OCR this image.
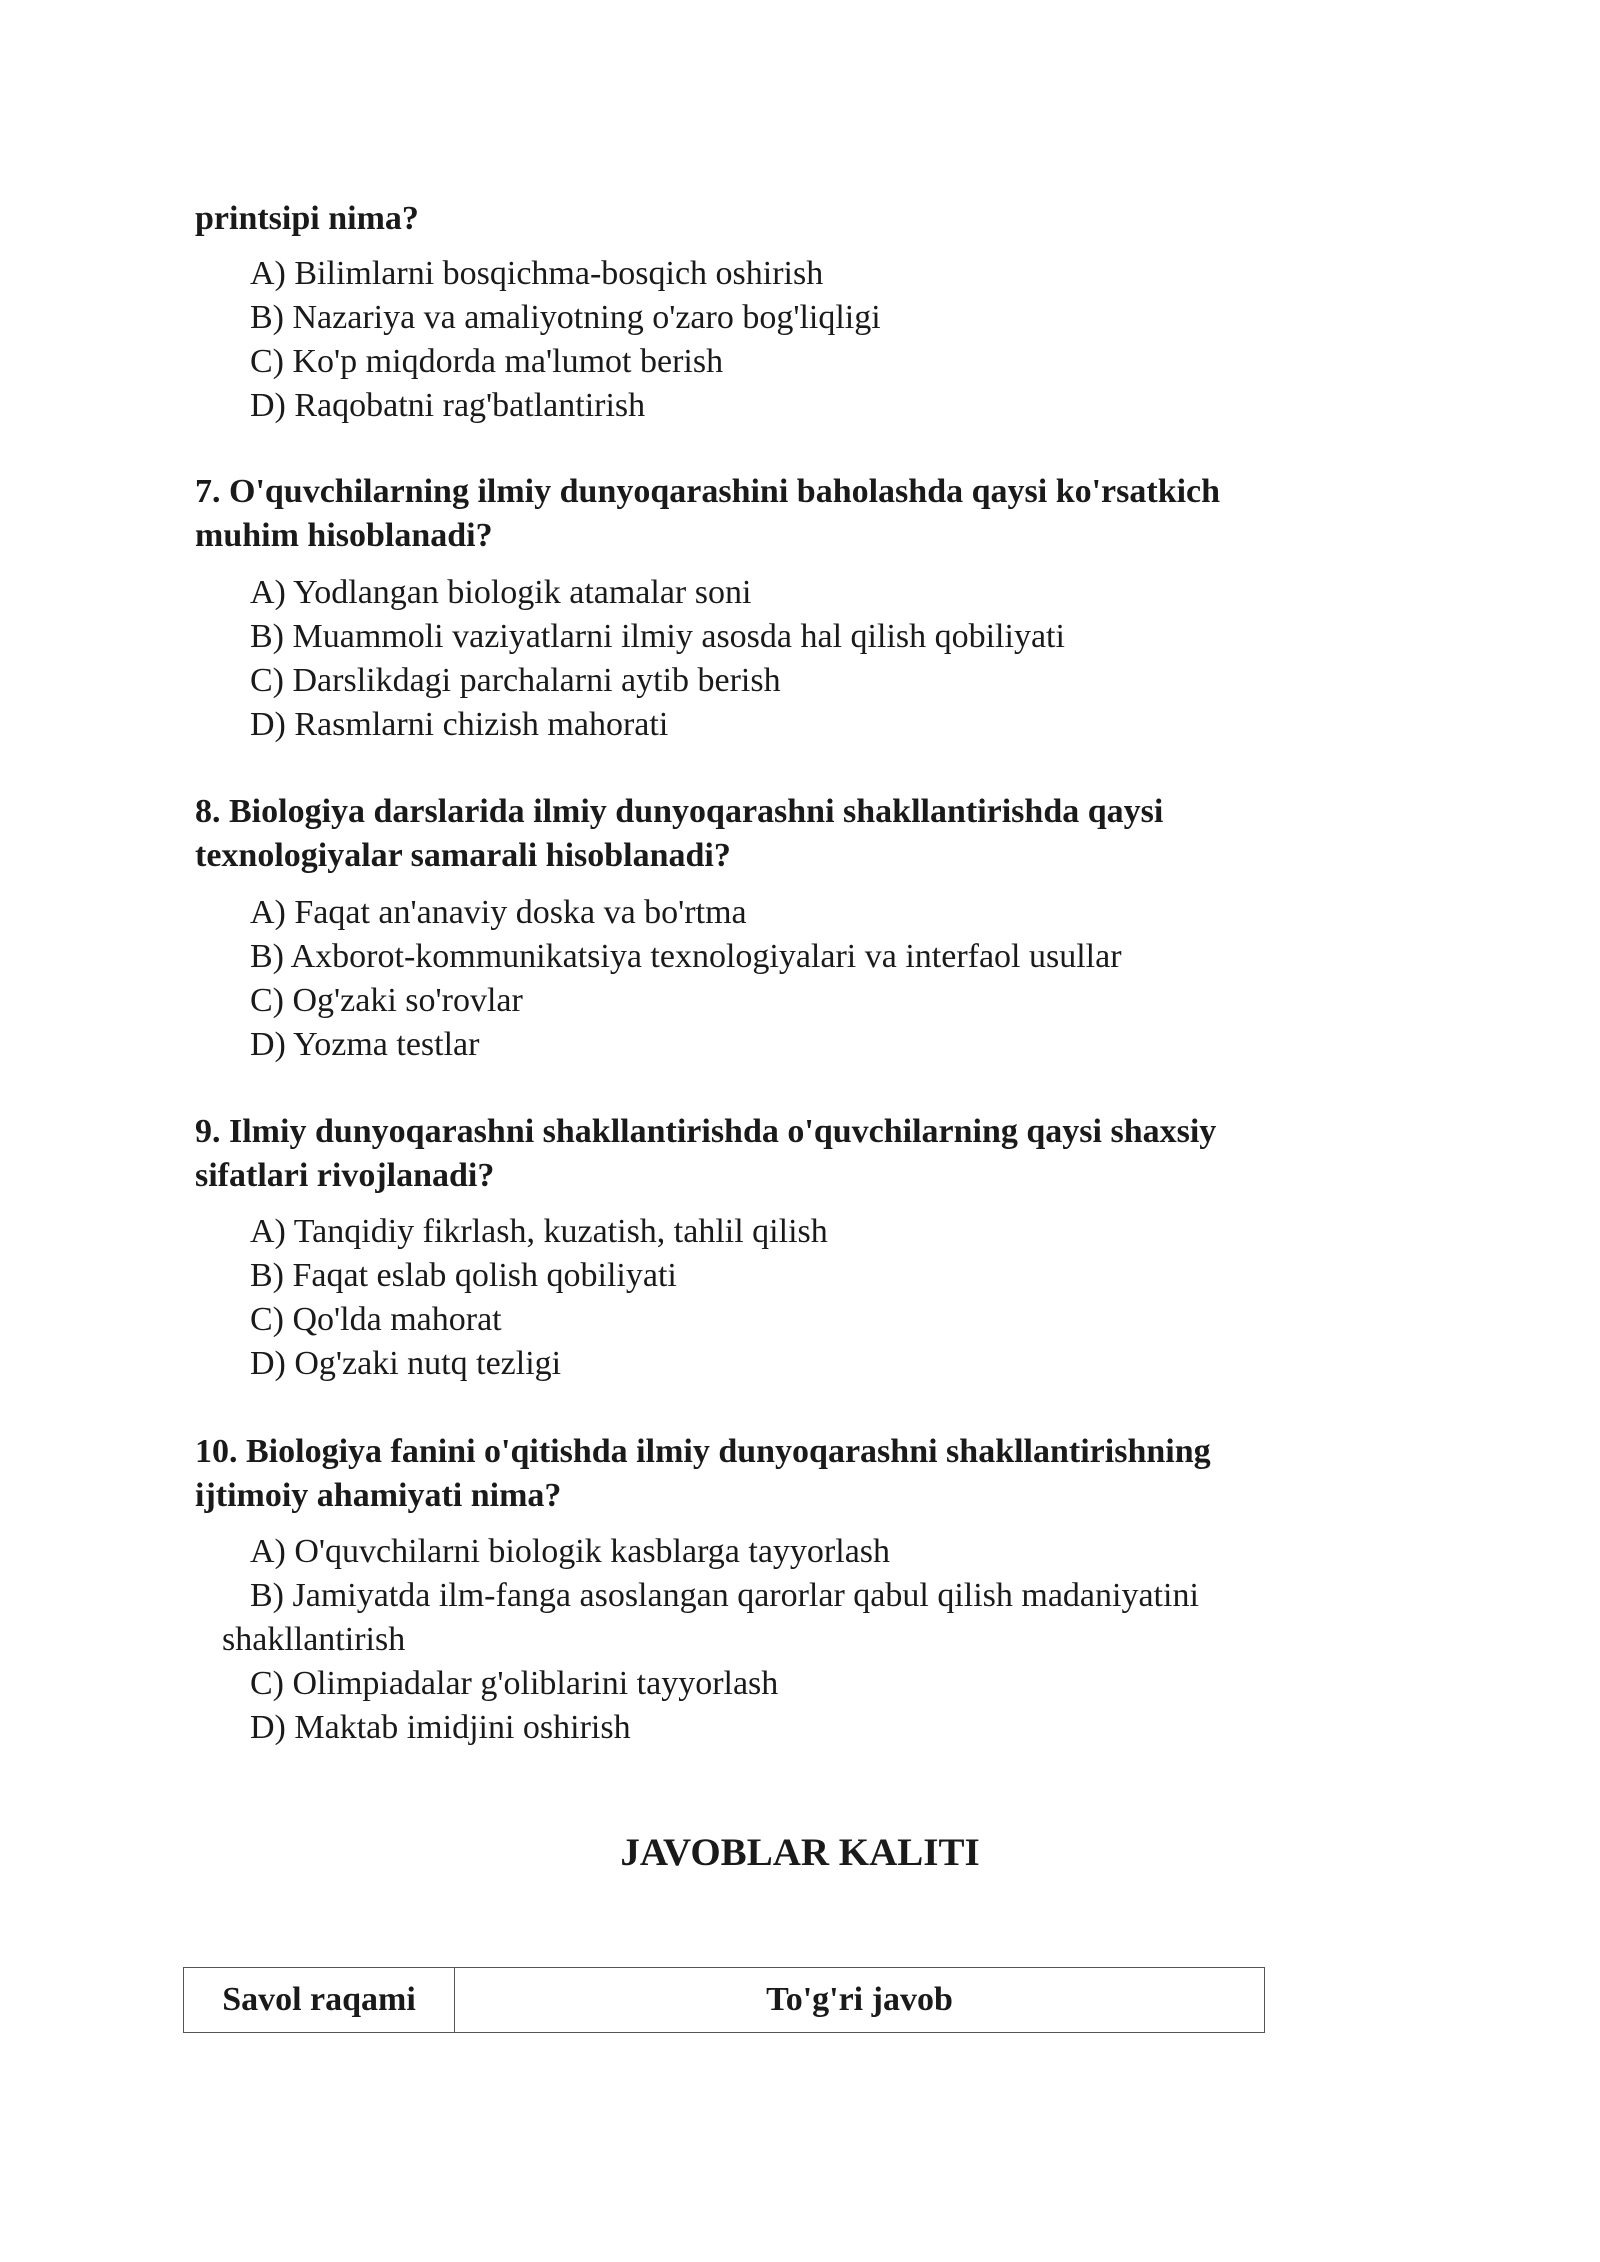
printsipi nima?
A) Bilimlarni bosqichma-bosqich oshirish
B) Nazariya va amaliyotning o'zaro bog'liqligi
C) Ko'p miqdorda ma'lumot berish
D) Raqobatni rag'batlantirish
7. O'quvchilarning ilmiy dunyoqarashini baholashda qaysi ko'rsatkich
muhim hisoblanadi?
A) Yodlangan biologik atamalar soni
B) Muammoli vaziyatlarni ilmiy asosda hal qilish qobiliyati
C) Darslikdagi parchalarni aytib berish
D) Rasmlarni chizish mahorati
8. Biologiya darslarida ilmiy dunyoqarashni shakllantirishda qaysi
texnologiyalar samarali hisoblanadi?
A) Faqat an'anaviy doska va bo'rtma
B) Axborot-kommunikatsiya texnologiyalari va interfaol usullar
C) Og'zaki so'rovlar
D) Yozma testlar
9. Ilmiy dunyoqarashni shakllantirishda o'quvchilarning qaysi shaxsiy
sifatlari rivojlanadi?
A) Tanqidiy fikrlash, kuzatish, tahlil qilish
B) Faqat eslab qolish qobiliyati
C) Qo'lda mahorat
D) Og'zaki nutq tezligi
10. Biologiya fanini o'qitishda ilmiy dunyoqarashni shakllantirishning
ijtimoiy ahamiyati nima?
A) O'quvchilarni biologik kasblarga tayyorlash
B) Jamiyatda ilm-fanga asoslangan qarorlar qabul qilish madaniyatini
shakllantirish
C) Olimpiadalar g'oliblarini tayyorlash
D) Maktab imidjini oshirish
JAVOBLAR KALITI
Savol raqami	To'g'ri javob
